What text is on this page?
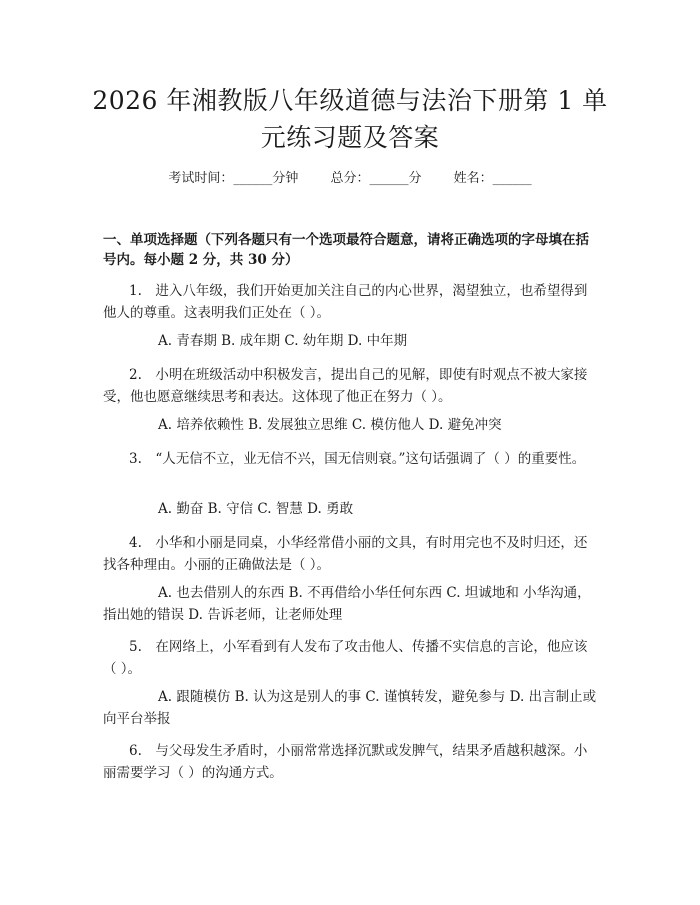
2026 年湘教版八年级道德与法治下册第 1 单
元练习题及答案
考试时间：______分钟 总分：______分 姓名：______
一、单项选择题（下列各题只有一个选项最符合题意，请将正确选项的字母填在括号内。每小题 2 分，共 30 分）
1.　进入八年级，我们开始更加关注自己的内心世界，渴望独立，也希望得到他人的尊重。这表明我们正处在（ ）。
A. 青春期 B. 成年期 C. 幼年期 D. 中年期
2.　小明在班级活动中积极发言，提出自己的见解，即使有时观点不被大家接受，他也愿意继续思考和表达。这体现了他正在努力（ ）。
A. 培养依赖性 B. 发展独立思维 C. 模仿他人 D. 避免冲突
3.　“人无信不立，业无信不兴，国无信则衰。”这句话强调了（ ）的重要性。
A. 勤奋 B. 守信 C. 智慧 D. 勇敢
4.　小华和小丽是同桌，小华经常借小丽的文具，有时用完也不及时归还，还找各种理由。小丽的正确做法是（ ）。
A. 也去借别人的东西 B. 不再借给小华任何东西 C. 坦诚地和 小华沟通，指出她的错误 D. 告诉老师，让老师处理
5.　在网络上，小军看到有人发布了攻击他人、传播不实信息的言论，他应该（ ）。
A. 跟随模仿 B. 认为这是别人的事 C. 谨慎转发，避免参与 D. 出言制止或向平台举报
6.　与父母发生矛盾时，小丽常常选择沉默或发脾气，结果矛盾越积越深。小丽需要学习（ ）的沟通方式。
